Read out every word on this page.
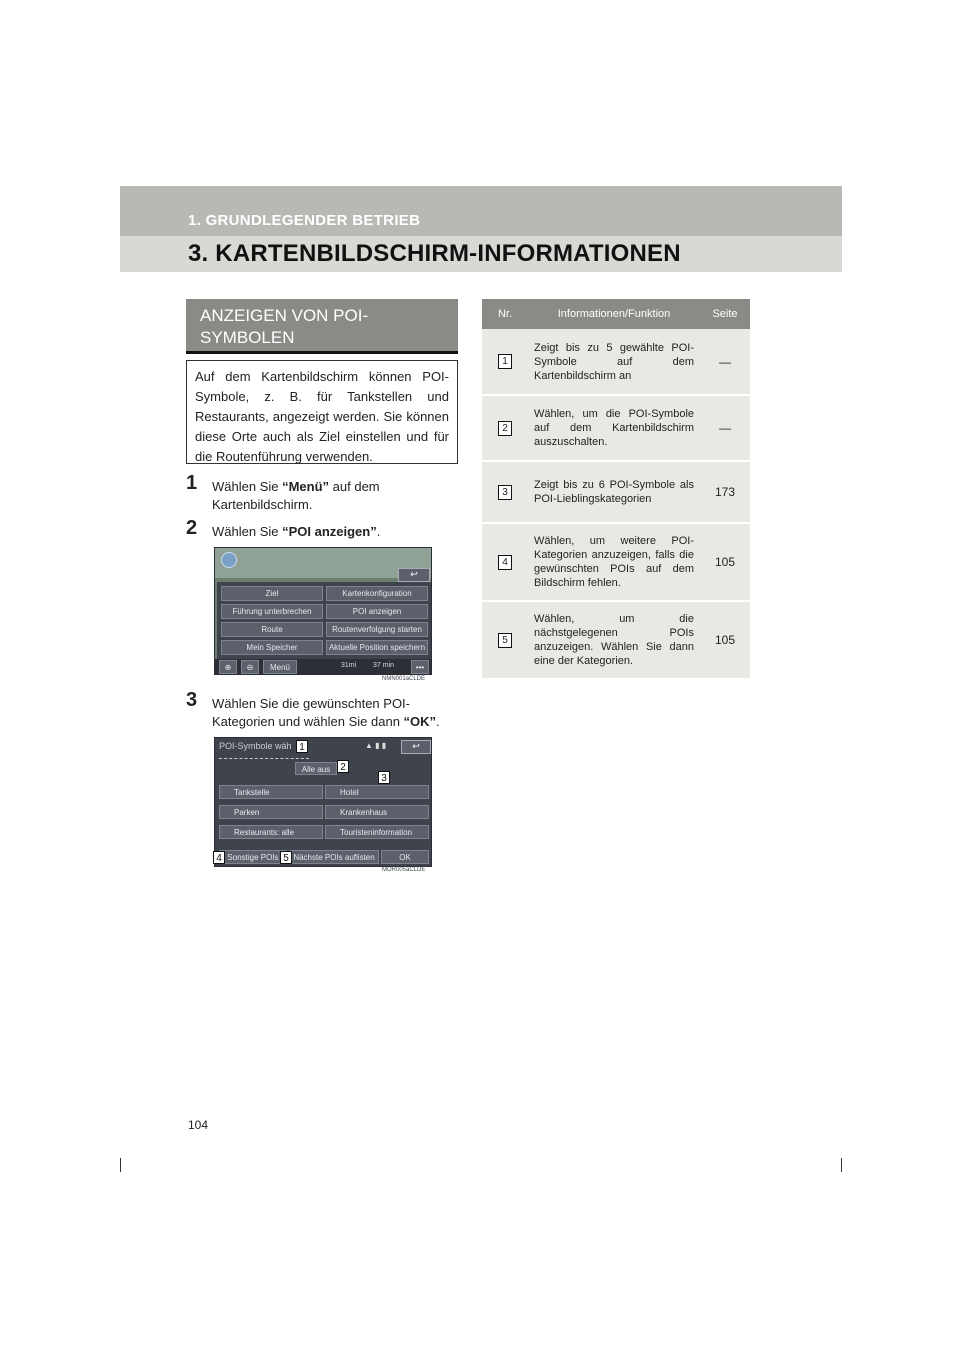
1. GRUNDLEGENDER BETRIEB
3. KARTENBILDSCHIRM-INFORMATIONEN
ANZEIGEN VON POI-
SYMBOLEN
Auf dem Kartenbildschirm können POI-Symbole, z. B. für Tankstellen und Restaurants, angezeigt werden. Sie können diese Orte auch als Ziel einstellen und für die Routenführung verwenden.
1	Wählen Sie “Menü” auf dem Kartenbildschirm.
2	Wählen Sie “POI anzeigen”.
↩
Ziel	Kartenkonfiguration
Führung unterbrechen	POI anzeigen
Route	Routenverfolgung starten
Mein Speicher	Aktuelle Position speichern
⊕	⊖	Menü	31mi 37 min	•••
NMN001aCLDE
3	Wählen Sie die gewünschten POI-Kategorien und wählen Sie dann “OK”.
POI-Symbole wäh	▲ ▮ ▮	↩
Alle aus
Tankstelle	Hotel
Parken	Krankenhaus
Restaurants: alle	Touristeninformation
Sonstige POIs	Nächste POIs auflisten	OK
1
2
3
4	5
MOR005aCLDE
Nr.	Informationen/Funktion	Seite
1	Zeigt bis zu 5 gewählte POI-Symbole auf dem Kartenbildschirm an	—
2	Wählen, um die POI-Symbole auf dem Kartenbildschirm auszuschalten.	—
3	Zeigt bis zu 6 POI-Symbole als POI-Lieblingskategorien	173
4	Wählen, um weitere POI-Kategorien anzuzeigen, falls die gewünschten POIs auf dem Bildschirm fehlen.	105
5	Wählen, um die nächstgelegenen POIs anzuzeigen. Wählen Sie dann eine der Kategorien.	105
104
